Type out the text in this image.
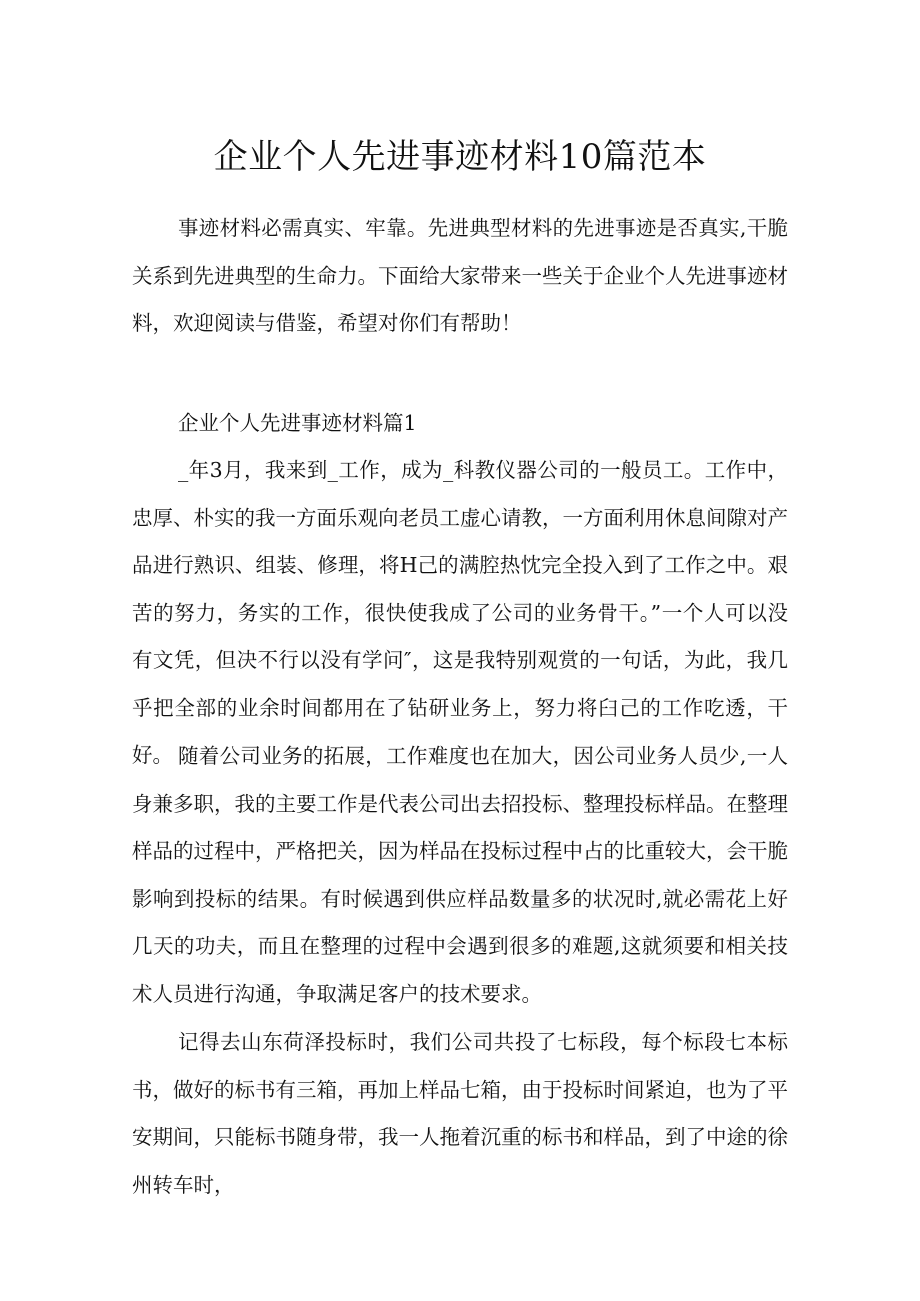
企业个人先进事迹材料10篇范本

事迹材料必需真实、牢靠。先进典型材料的先进事迹是否真实,干脆关系到先进典型的生命力。下面给大家带来一些关于企业个人先进事迹材料，欢迎阅读与借鉴，希望对你们有帮助！

企业个人先进事迹材料篇1

_年3月，我来到_工作，成为_科教仪器公司的一般员工。工作中，忠厚、朴实的我一方面乐观向老员工虚心请教，一方面利用休息间隙对产品进行熟识、组装、修理，将H己的满腔热忱完全投入到了工作之中。艰苦的努力，务实的工作，很快使我成了公司的业务骨干。”一个人可以没有文凭，但决不行以没有学问″，这是我特别观赏的一句话，为此，我几乎把全部的业余时间都用在了钻研业务上，努力将臼己的工作吃透，干好。 随着公司业务的拓展，工作难度也在加大，因公司业务人员少,一人身兼多职，我的主要工作是代表公司出去招投标、整理投标样品。在整理样品的过程中，严格把关，因为样品在投标过程中占的比重较大，会干脆影响到投标的结果。有时候遇到供应样品数量多的状况时,就必需花上好几天的功夫，而且在整理的过程中会遇到很多的难题,这就须要和相关技术人员进行沟通，争取满足客户的技术要求。

记得去山东荷泽投标时，我们公司共投了七标段，每个标段七本标书，做好的标书有三箱，再加上样品七箱，由于投标时间紧迫，也为了平安期间，只能标书随身带，我一人拖着沉重的标书和样品，到了中途的徐州转车时，
